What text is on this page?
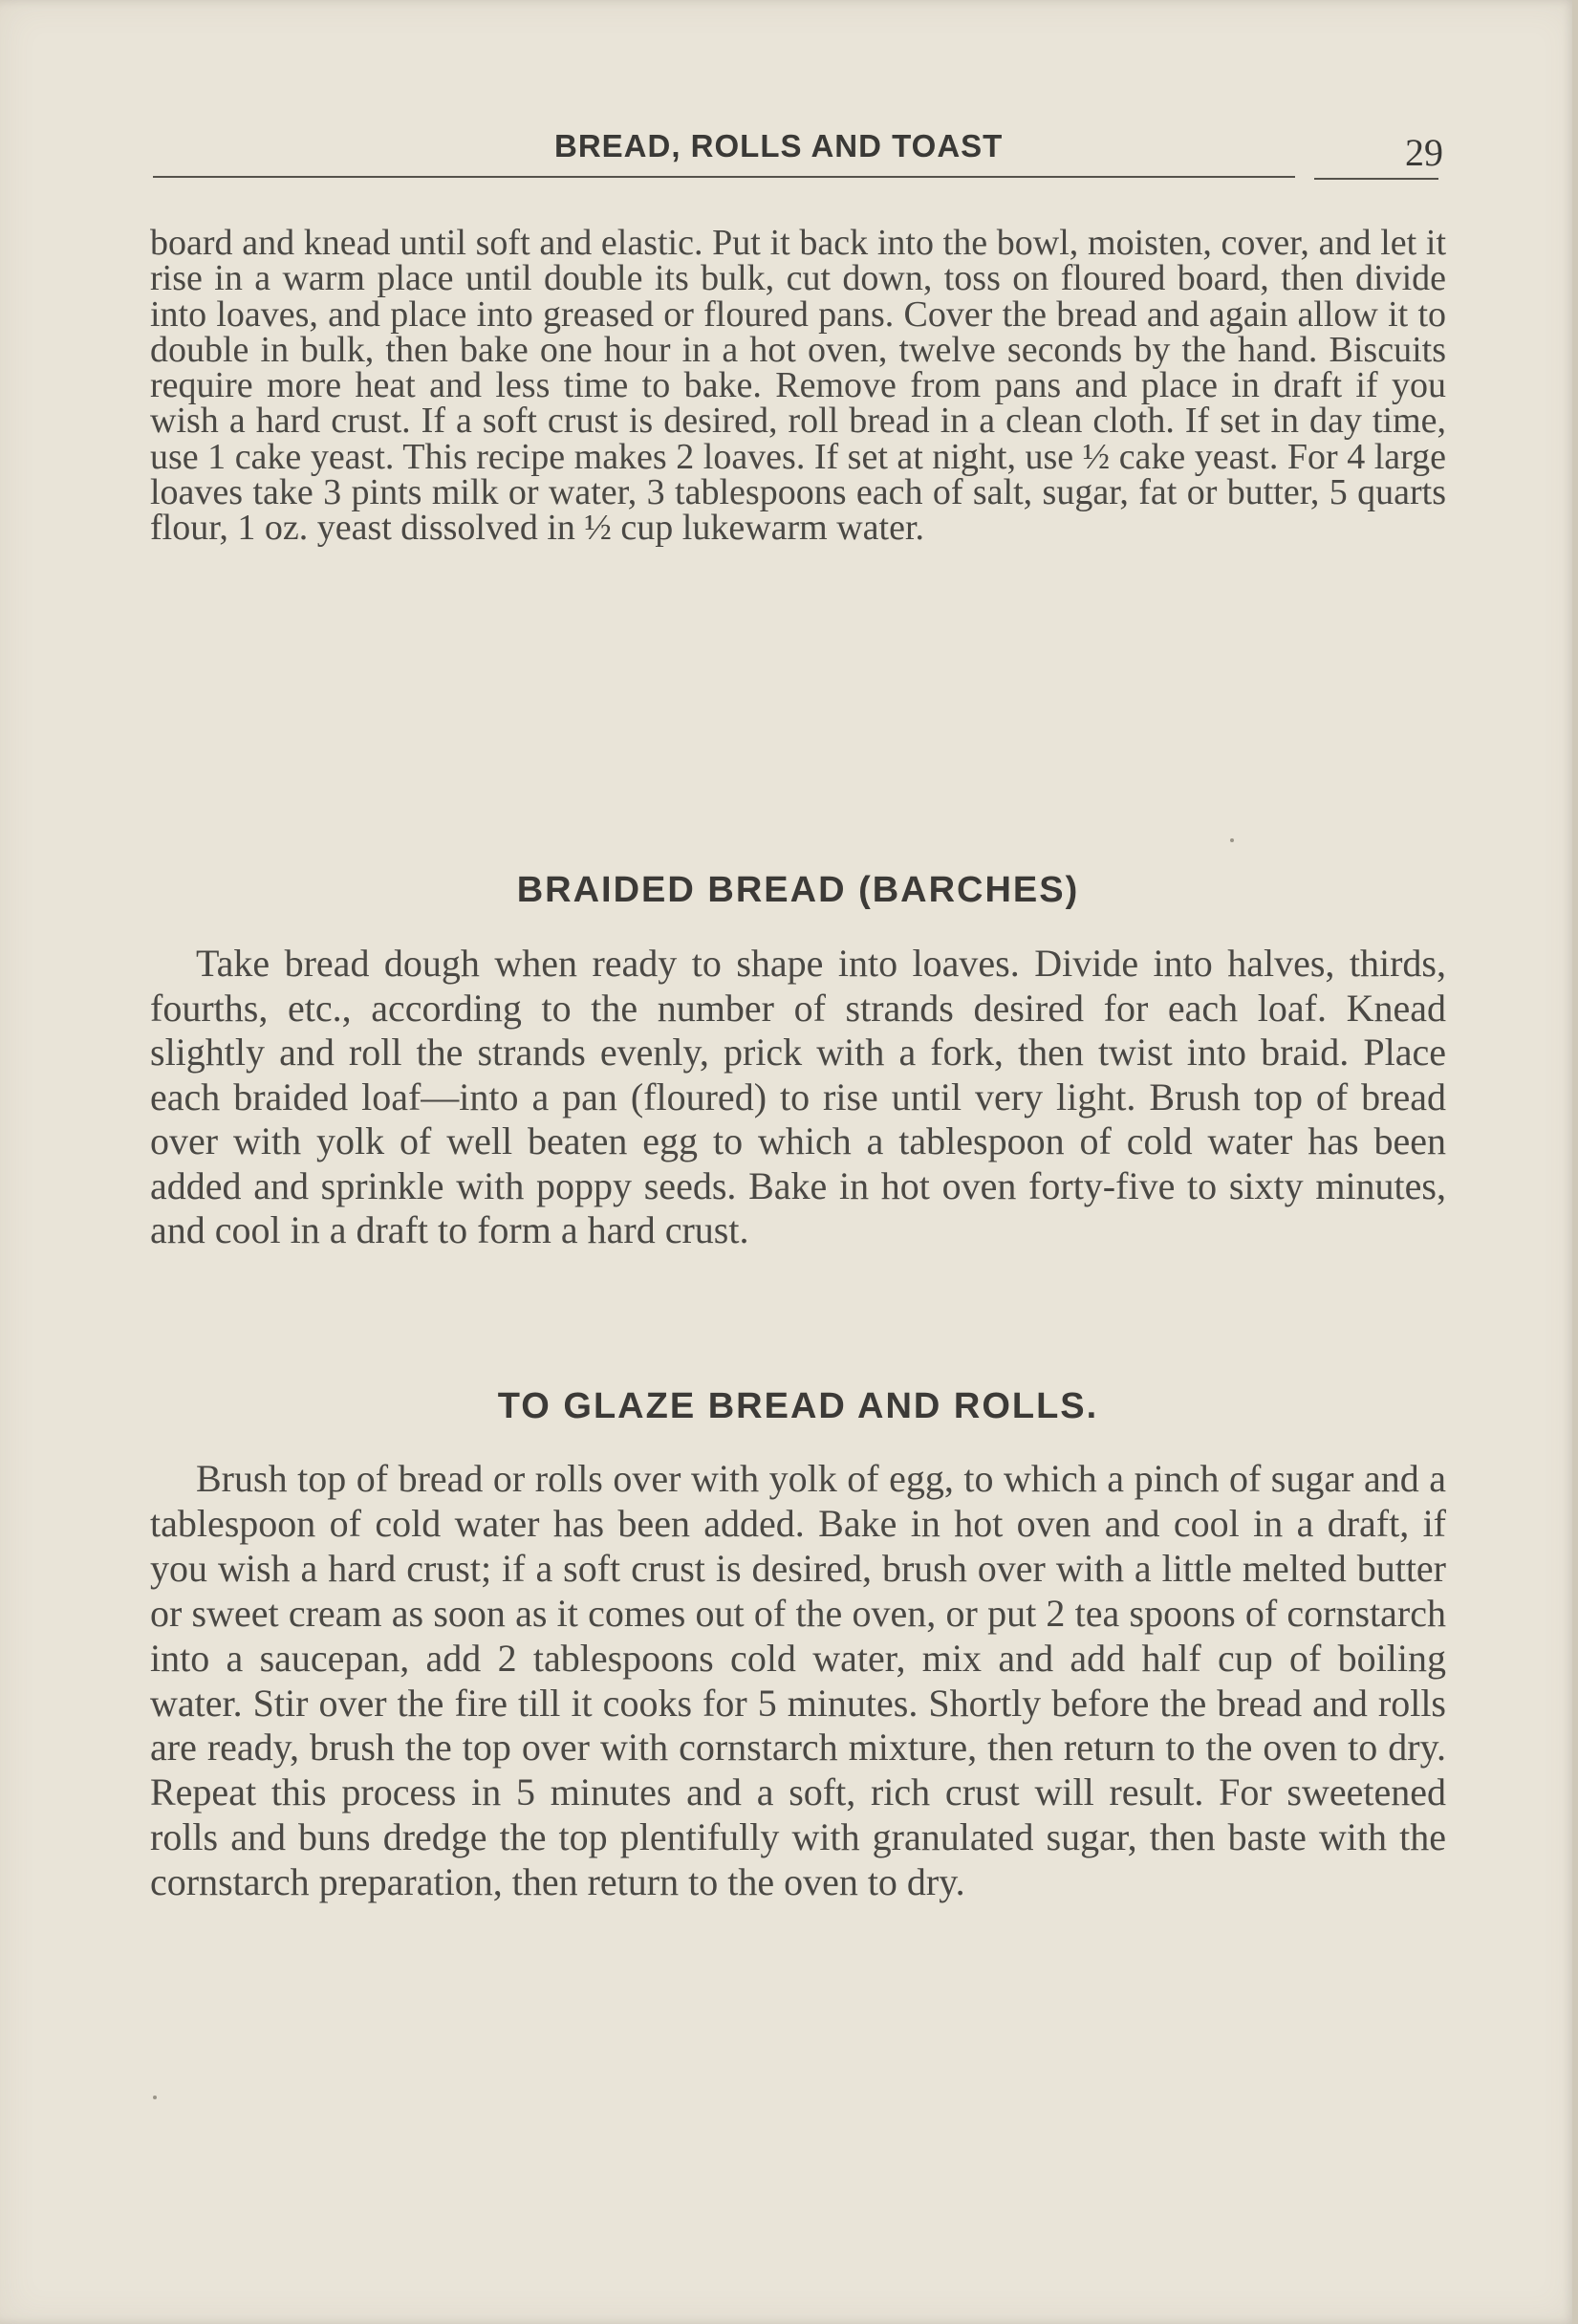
BREAD, ROLLS AND TOAST	29

board and knead until soft and elastic. Put it back into the bowl, moisten, cover, and let it rise in a warm place until double its bulk, cut down, toss on floured board, then divide into loaves, and place into greased or floured pans. Cover the bread and again allow it to double in bulk, then bake one hour in a hot oven, twelve seconds by the hand. Biscuits require more heat and less time to bake. Remove from pans and place in draft if you wish a hard crust. If a soft crust is desired, roll bread in a clean cloth. If set in day time, use 1 cake yeast. This recipe makes 2 loaves. If set at night, use ½ cake yeast. For 4 large loaves take 3 pints milk or water, 3 tablespoons each of salt, sugar, fat or butter, 5 quarts flour, 1 oz. yeast dissolved in ½ cup lukewarm water.

BRAIDED BREAD (BARCHES)

Take bread dough when ready to shape into loaves. Divide into halves, thirds, fourths, etc., according to the number of strands desired for each loaf. Knead slightly and roll the strands evenly, prick with a fork, then twist into braid. Place each braided loaf—into a pan (floured) to rise until very light. Brush top of bread over with yolk of well beaten egg to which a tablespoon of cold water has been added and sprinkle with poppy seeds. Bake in hot oven forty-five to sixty minutes, and cool in a draft to form a hard crust.

TO GLAZE BREAD AND ROLLS.

Brush top of bread or rolls over with yolk of egg, to which a pinch of sugar and a tablespoon of cold water has been added. Bake in hot oven and cool in a draft, if you wish a hard crust; if a soft crust is desired, brush over with a little melted butter or sweet cream as soon as it comes out of the oven, or put 2 tea spoons of cornstarch into a saucepan, add 2 tablespoons cold water, mix and add half cup of boiling water. Stir over the fire till it cooks for 5 minutes. Shortly before the bread and rolls are ready, brush the top over with cornstarch mixture, then return to the oven to dry. Repeat this process in 5 minutes and a soft, rich crust will result. For sweetened rolls and buns dredge the top plentifully with granulated sugar, then baste with the cornstarch preparation, then return to the oven to dry.
